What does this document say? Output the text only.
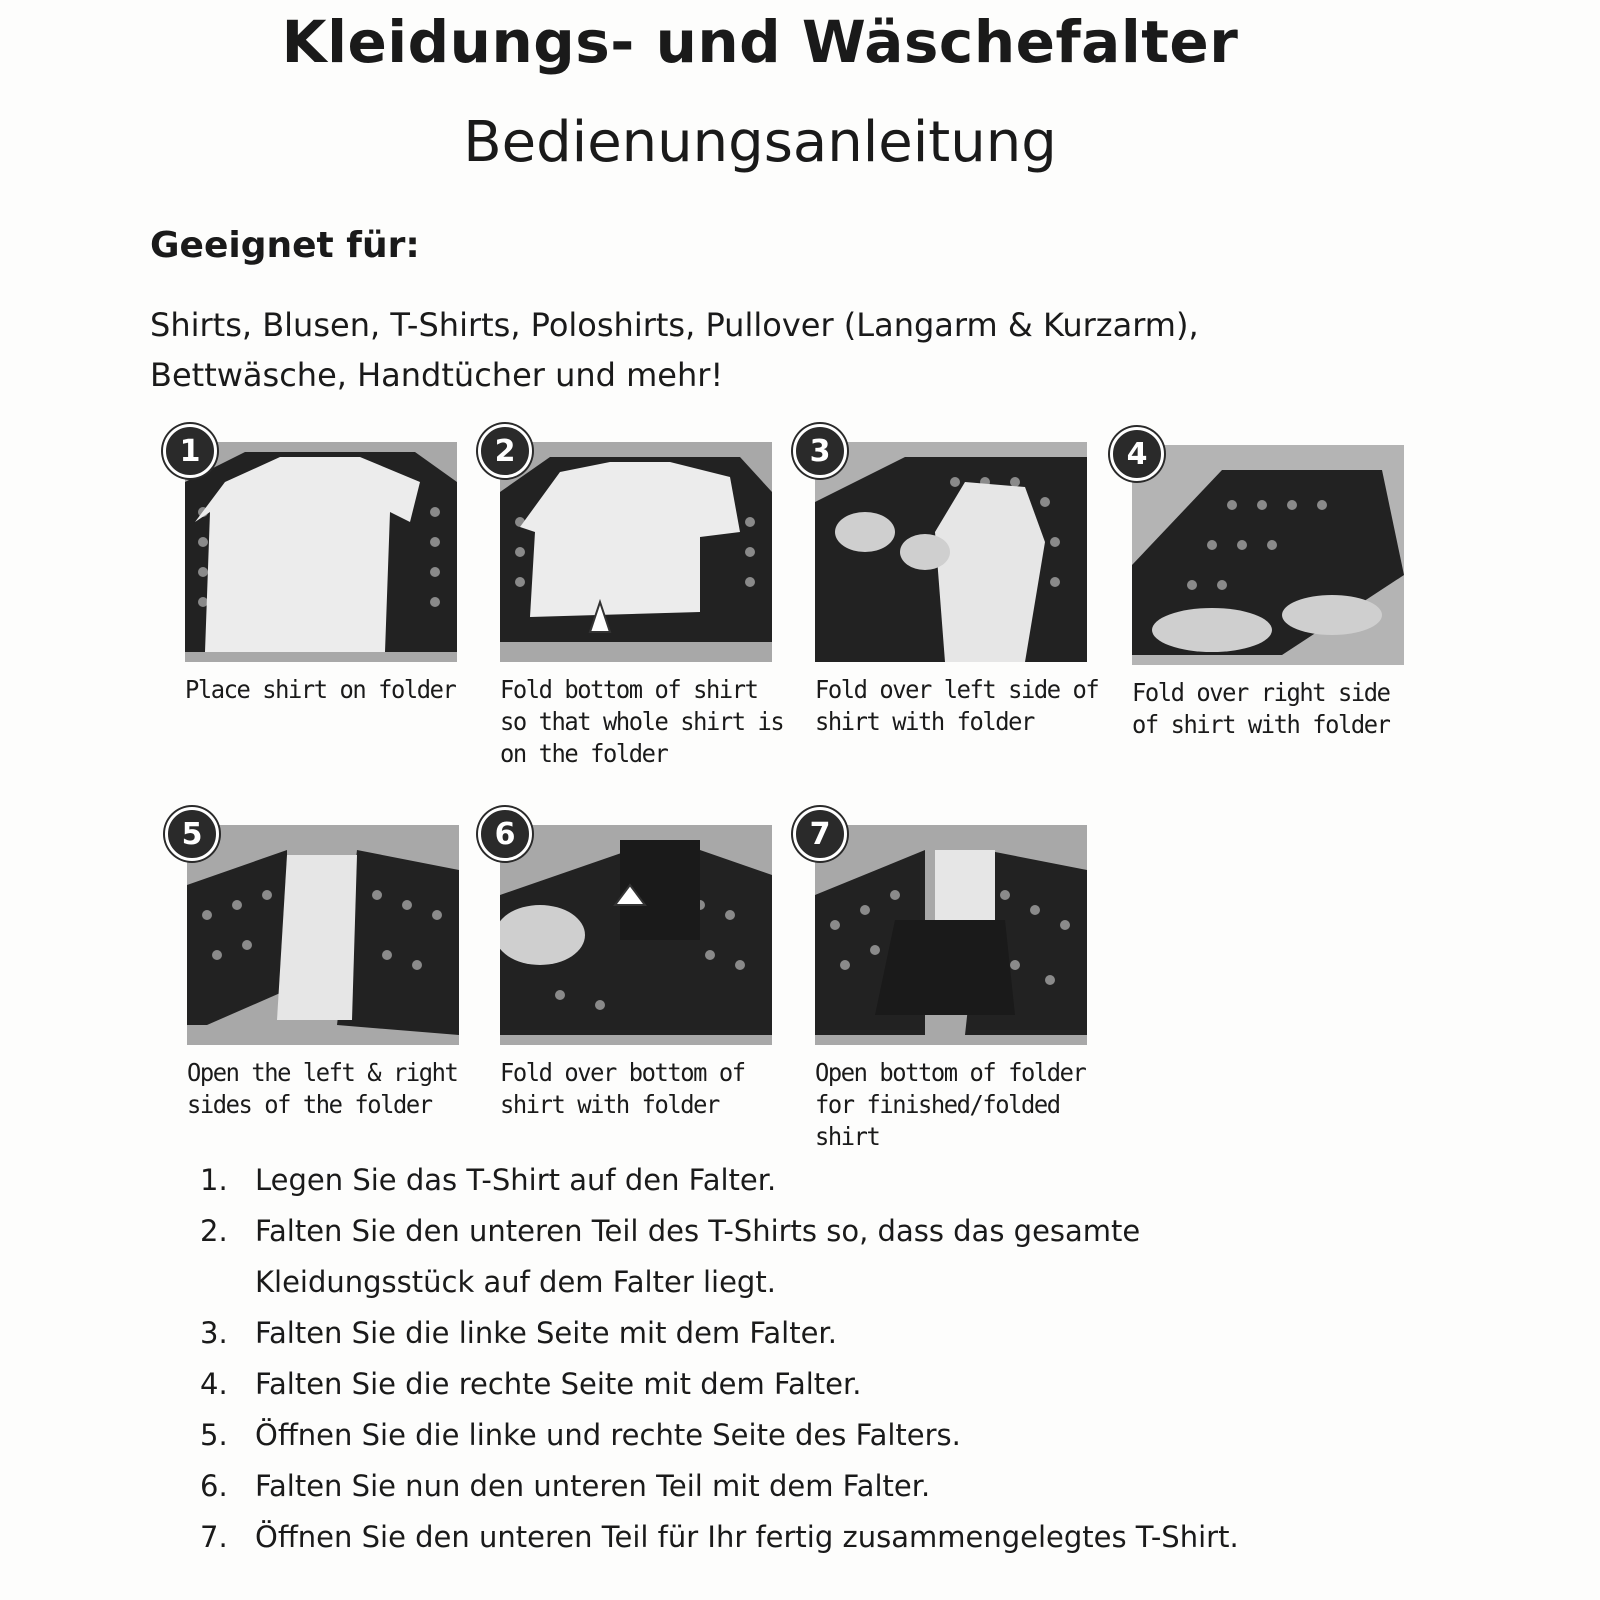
Kleidungs- und Wäschefalter
Bedienungsanleitung
Geeignet für:
Shirts, Blusen, T-Shirts, Poloshirts, Pullover (Langarm & Kurzarm), Bettwäsche, Handtücher und mehr!
1
Place shirt on folder
2
Fold bottom of shirt so that whole shirt is on the folder
3
Fold over left side of shirt with folder
4
Fold over right side of shirt with folder
5
Open the left & right sides of the folder
6
Fold over bottom of shirt with folder
7
Open bottom of folder for finished/folded shirt
1. Legen Sie das T-Shirt auf den Falter.
2. Falten Sie den unteren Teil des T-Shirts so, dass das gesamte Kleidungsstück auf dem Falter liegt.
3. Falten Sie die linke Seite mit dem Falter.
4. Falten Sie die rechte Seite mit dem Falter.
5. Öffnen Sie die linke und rechte Seite des Falters.
6. Falten Sie nun den unteren Teil mit dem Falter.
7. Öffnen Sie den unteren Teil für Ihr fertig zusammengelegtes T-Shirt.
